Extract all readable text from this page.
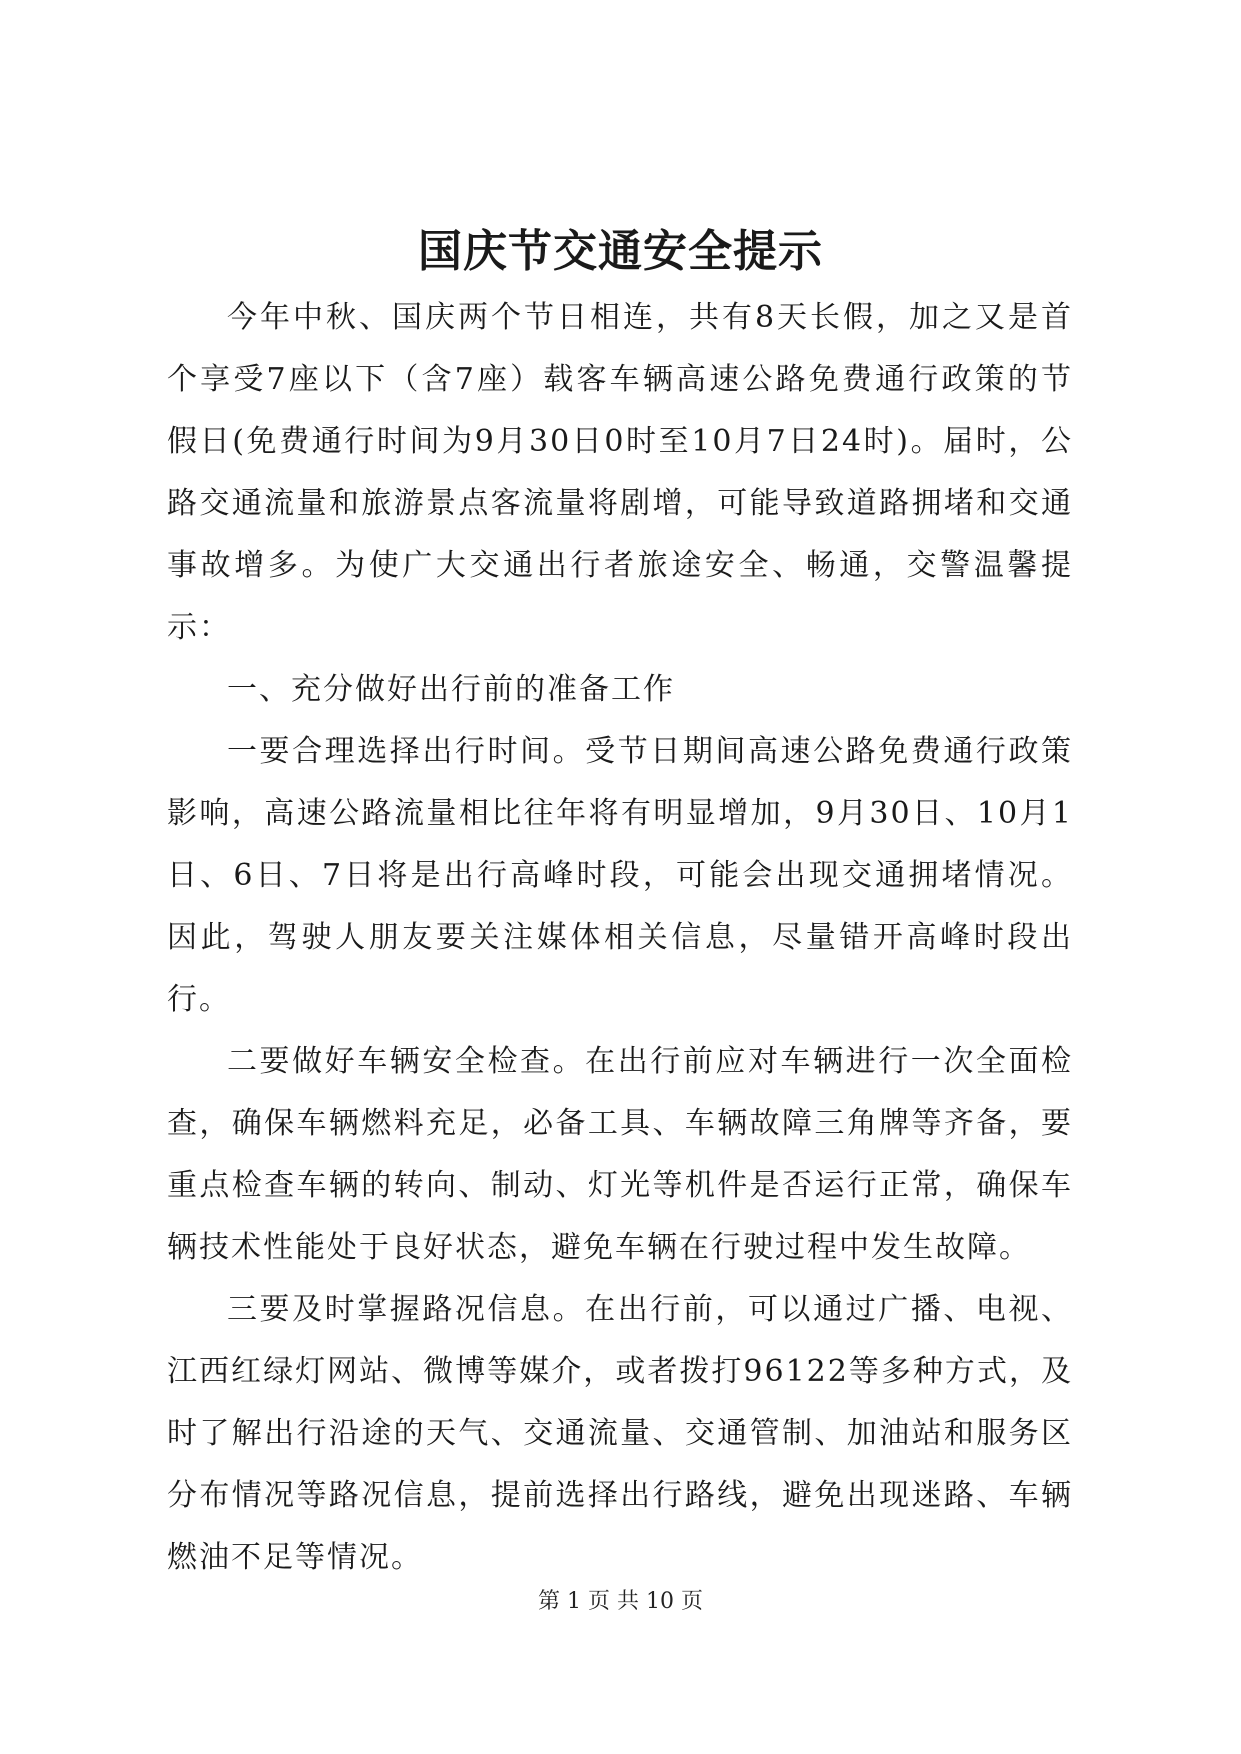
国庆节交通安全提示

今年中秋、国庆两个节日相连，共有8天长假，加之又是首个享受7座以下（含7座）载客车辆高速公路免费通行政策的节假日(免费通行时间为9月30日0时至10月7日24时)。届时，公路交通流量和旅游景点客流量将剧增，可能导致道路拥堵和交通事故增多。为使广大交通出行者旅途安全、畅通，交警温馨提示：

一、充分做好出行前的准备工作

一要合理选择出行时间。受节日期间高速公路免费通行政策影响，高速公路流量相比往年将有明显增加，9月30日、10月1日、6日、7日将是出行高峰时段，可能会出现交通拥堵情况。因此，驾驶人朋友要关注媒体相关信息，尽量错开高峰时段出行。

二要做好车辆安全检查。在出行前应对车辆进行一次全面检查，确保车辆燃料充足，必备工具、车辆故障三角牌等齐备，要重点检查车辆的转向、制动、灯光等机件是否运行正常，确保车辆技术性能处于良好状态，避免车辆在行驶过程中发生故障。

三要及时掌握路况信息。在出行前，可以通过广播、电视、江西红绿灯网站、微博等媒介，或者拨打96122等多种方式，及时了解出行沿途的天气、交通流量、交通管制、加油站和服务区分布情况等路况信息，提前选择出行路线，避免出现迷路、车辆燃油不足等情况。

第 1 页 共 10 页
